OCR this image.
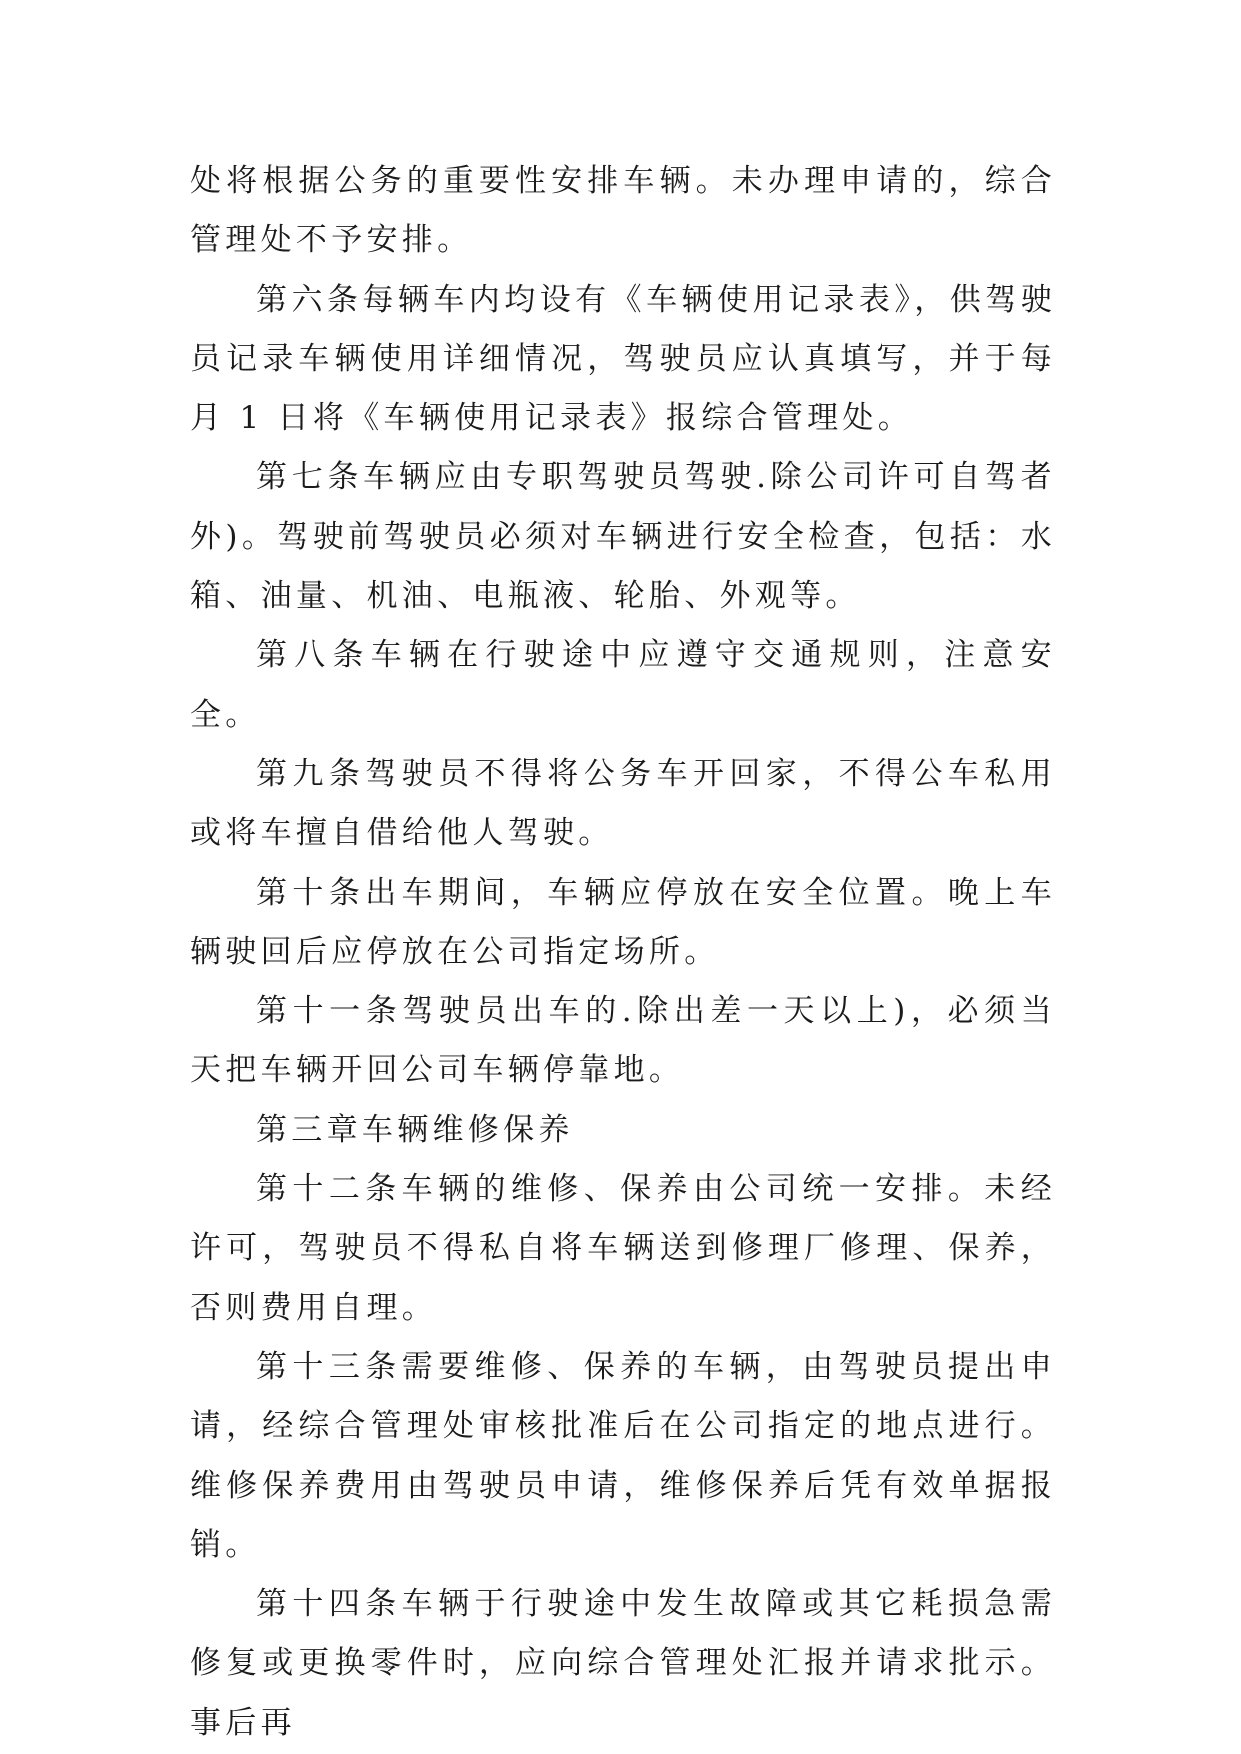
处将根据公务的重要性安排车辆。未办理申请的，综合管理处不予安排。

第六条每辆车内均设有《车辆使用记录表》，供驾驶员记录车辆使用详细情况，驾驶员应认真填写，并于每月 1 日将《车辆使用记录表》报综合管理处。

第七条车辆应由专职驾驶员驾驶.除公司许可自驾者外)。驾驶前驾驶员必须对车辆进行安全检查，包括：水箱、油量、机油、电瓶液、轮胎、外观等。

第八条车辆在行驶途中应遵守交通规则，注意安全。

第九条驾驶员不得将公务车开回家，不得公车私用或将车擅自借给他人驾驶。

第十条出车期间，车辆应停放在安全位置。晚上车辆驶回后应停放在公司指定场所。

第十一条驾驶员出车的.除出差一天以上)，必须当天把车辆开回公司车辆停靠地。

第三章车辆维修保养

第十二条车辆的维修、保养由公司统一安排。未经许可，驾驶员不得私自将车辆送到修理厂修理、保养，否则费用自理。

第十三条需要维修、保养的车辆，由驾驶员提出申请，经综合管理处审核批准后在公司指定的地点进行。维修保养费用由驾驶员申请，维修保养后凭有效单据报销。

第十四条车辆于行驶途中发生故障或其它耗损急需修复或更换零件时，应向综合管理处汇报并请求批示。事后再
